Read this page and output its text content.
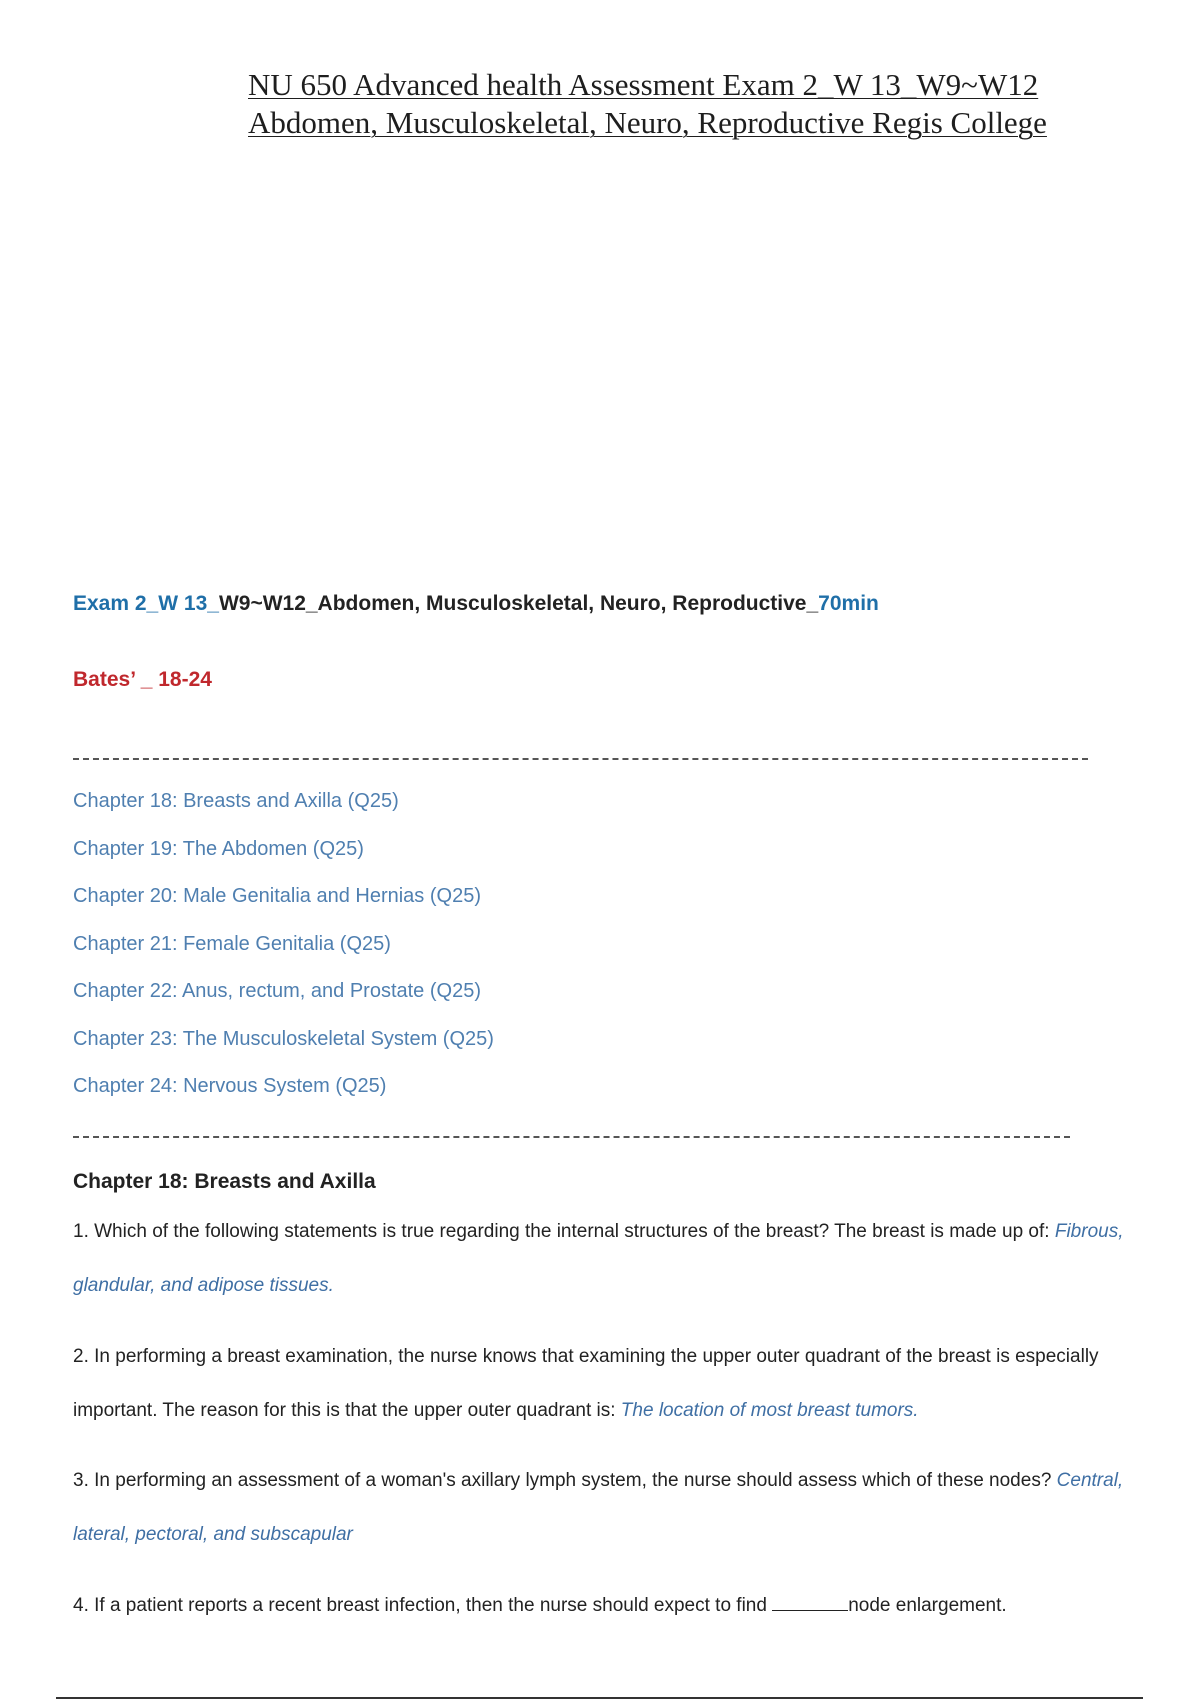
NU 650 Advanced health Assessment Exam 2_W 13_W9~W12
Abdomen, Musculoskeletal, Neuro, Reproductive Regis College
Exam 2_W 13_W9~W12_Abdomen, Musculoskeletal, Neuro, Reproductive_70min
Bates’ _ 18-24
Chapter 18: Breasts and Axilla (Q25)
Chapter 19: The Abdomen (Q25)
Chapter 20: Male Genitalia and Hernias (Q25)
Chapter 21: Female Genitalia (Q25)
Chapter 22: Anus, rectum, and Prostate (Q25)
Chapter 23: The Musculoskeletal System (Q25)
Chapter 24: Nervous System (Q25)
Chapter 18: Breasts and Axilla
1. Which of the following statements is true regarding the internal structures of the breast? The breast is made up of: Fibrous, glandular, and adipose tissues.
2. In performing a breast examination, the nurse knows that examining the upper outer quadrant of the breast is especially important. The reason for this is that the upper outer quadrant is: The location of most breast tumors.
3. In performing an assessment of a woman's axillary lymph system, the nurse should assess which of these nodes? Central, lateral, pectoral, and subscapular
4. If a patient reports a recent breast infection, then the nurse should expect to find	node enlargement.
